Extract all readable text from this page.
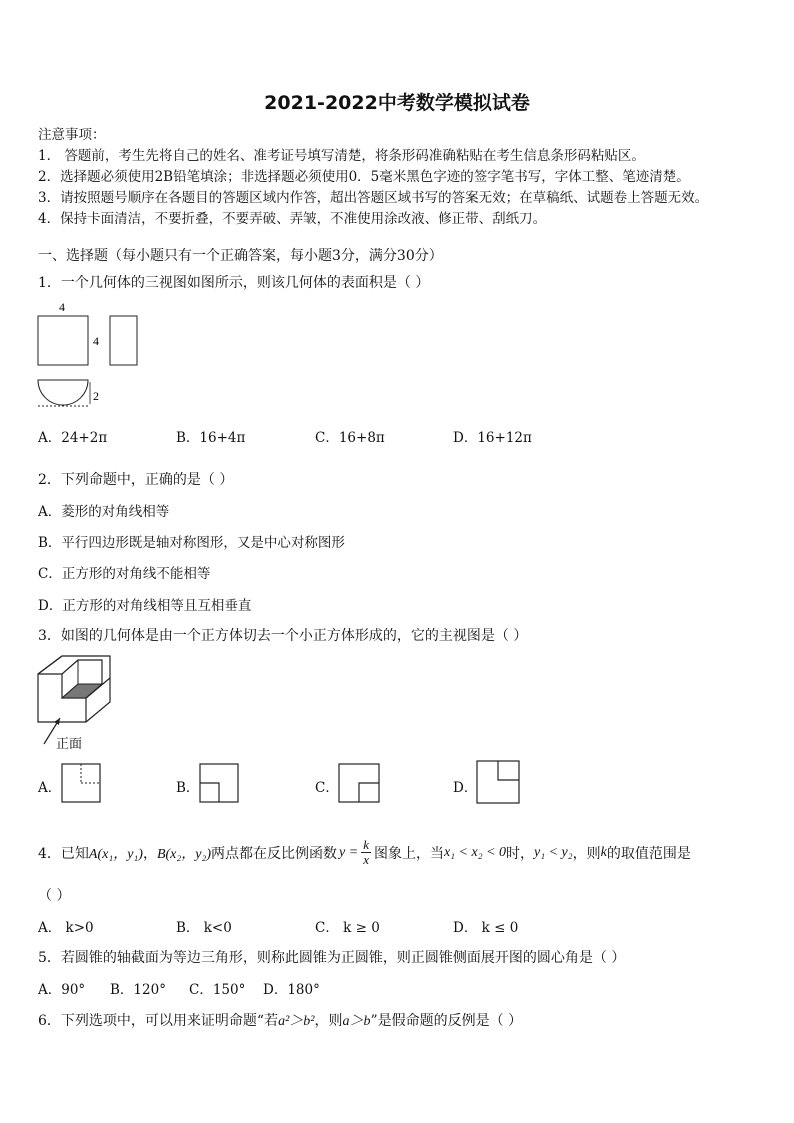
2021-2022中考数学模拟试卷
注意事项：
1． 答题前，考生先将自己的姓名、准考证号填写清楚，将条形码准确粘贴在考生信息条形码粘贴区。
2．选择题必须使用2B铅笔填涂；非选择题必须使用0．5毫米黑色字迹的签字笔书写，字体工整、笔迹清楚。
3．请按照题号顺序在各题目的答题区域内作答，超出答题区域书写的答案无效；在草稿纸、试题卷上答题无效。
4．保持卡面清洁，不要折叠，不要弄破、弄皱，不准使用涂改液、修正带、刮纸刀。
一、选择题（每小题只有一个正确答案，每小题3分，满分30分）
1．一个几何体的三视图如图所示，则该几何体的表面积是（ ）
4
4
2
A．24+2π	B．16+4π	C．16+8π	D．16+12π
2．下列命题中，正确的是（ ）
A．菱形的对角线相等
B．平行四边形既是轴对称图形，又是中心对称图形
C．正方形的对角线不能相等
D．正方形的对角线相等且互相垂直
3．如图的几何体是由一个正方体切去一个小正方体形成的，它的主视图是（ ）
正面
A．	B．	C．	D．
4．已知 A(x₁，y₁) ， B(x₂，y₂) 两点都在反比例函数 $y = \frac{k}{x}$ 图象上，当 x₁ < x₂ < 0 时， y₁ < y₂ ，则 k 的取值范围是
（ ）
A． k>0	B． k<0	C． k ≥ 0	D． k ≤ 0
5．若圆锥的轴截面为等边三角形，则称此圆锥为正圆锥，则正圆锥侧面展开图的圆心角是（ ）
A．90° B．120° C．150° D．180°
6．下列选项中，可以用来证明命题“若a²＞b²，则a＞b”是假命题的反例是（ ）
